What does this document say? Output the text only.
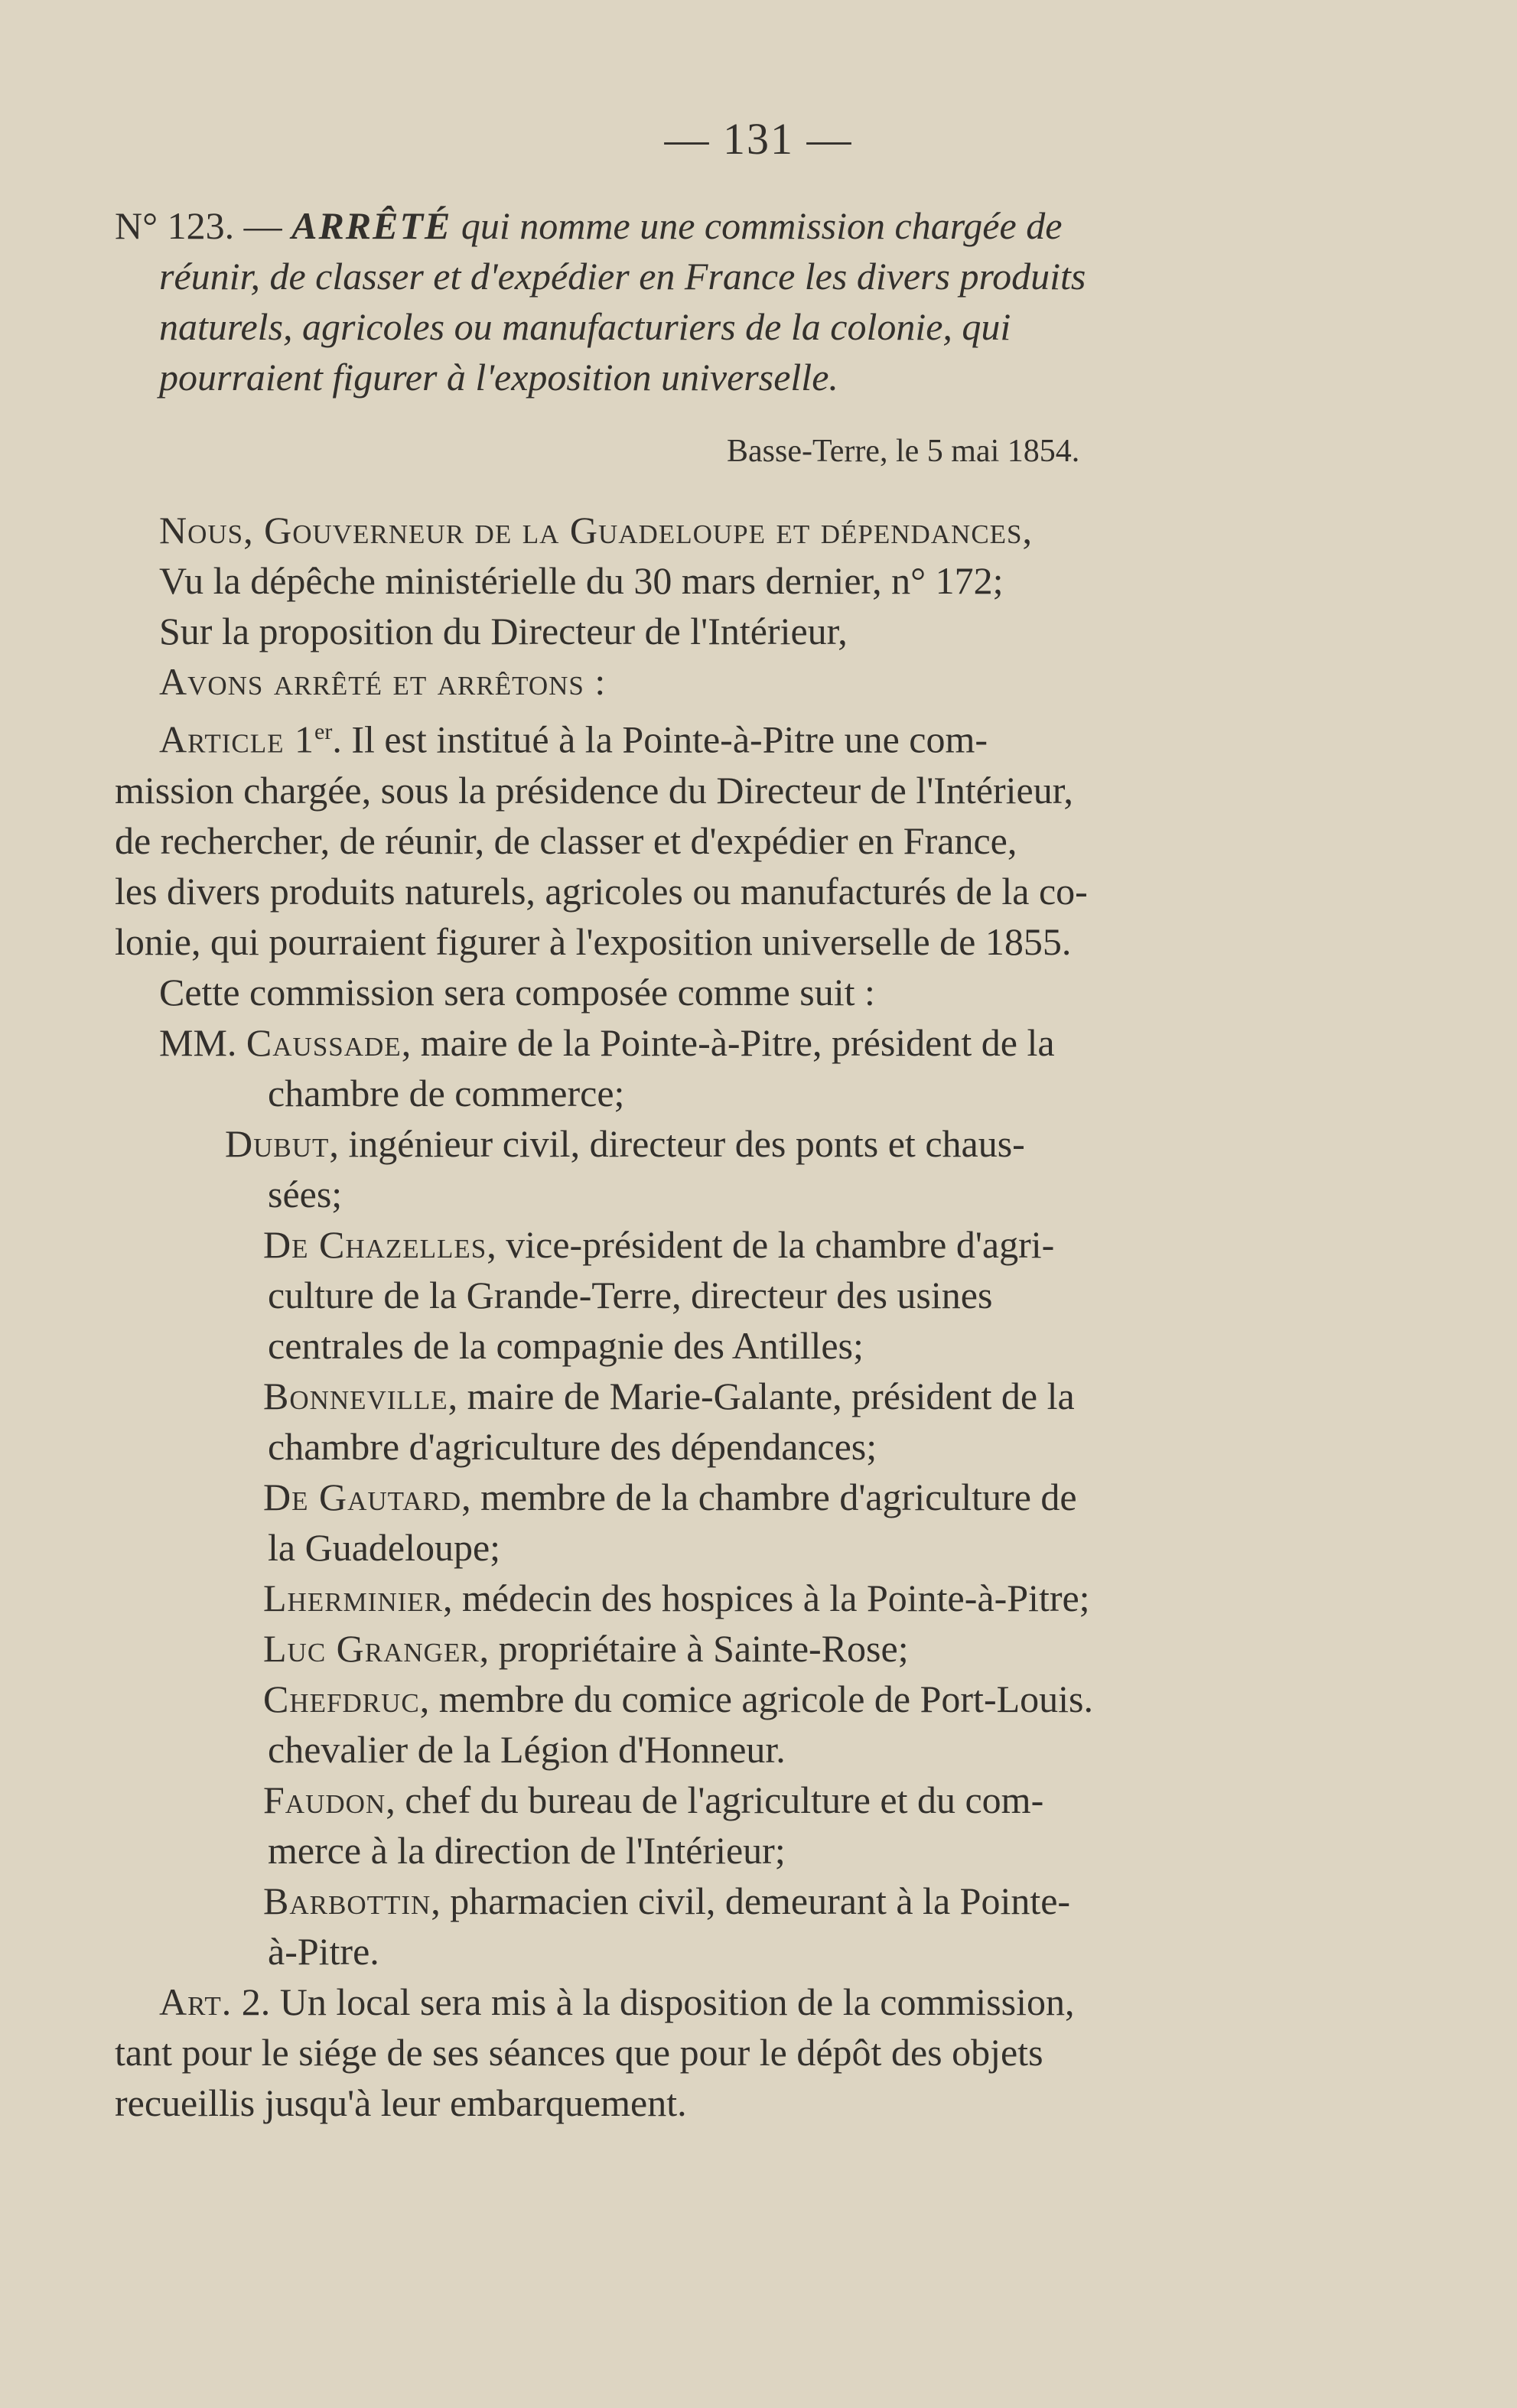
— 131 —
N° 123. — ARRÊTÉ qui nomme une commission chargée de
réunir, de classer et d'expédier en France les divers produits
naturels, agricoles ou manufacturiers de la colonie, qui
pourraient figurer à l'exposition universelle.
Basse-Terre, le 5 mai 1854.
Nous, Gouverneur de la Guadeloupe et dépendances,
Vu la dépêche ministérielle du 30 mars dernier, n° 172;
Sur la proposition du Directeur de l'Intérieur,
Avons arrêté et arrêtons :
Article 1er. Il est institué à la Pointe-à-Pitre une com-
mission chargée, sous la présidence du Directeur de l'Intérieur,
de rechercher, de réunir, de classer et d'expédier en France,
les divers produits naturels, agricoles ou manufacturés de la co-
lonie, qui pourraient figurer à l'exposition universelle de 1855.
Cette commission sera composée comme suit :
MM. Caussade, maire de la Pointe-à-Pitre, président de la
chambre de commerce;
Dubut, ingénieur civil, directeur des ponts et chaus-
sées;
De Chazelles, vice-président de la chambre d'agri-
culture de la Grande-Terre, directeur des usines
centrales de la compagnie des Antilles;
Bonneville, maire de Marie-Galante, président de la
chambre d'agriculture des dépendances;
De Gautard, membre de la chambre d'agriculture de
la Guadeloupe;
Lherminier, médecin des hospices à la Pointe-à-Pitre;
Luc Granger, propriétaire à Sainte-Rose;
Chefdruc, membre du comice agricole de Port-Louis.
chevalier de la Légion d'Honneur.
Faudon, chef du bureau de l'agriculture et du com-
merce à la direction de l'Intérieur;
Barbottin, pharmacien civil, demeurant à la Pointe-
à-Pitre.
Art. 2. Un local sera mis à la disposition de la commission,
tant pour le siége de ses séances que pour le dépôt des objets
recueillis jusqu'à leur embarquement.
